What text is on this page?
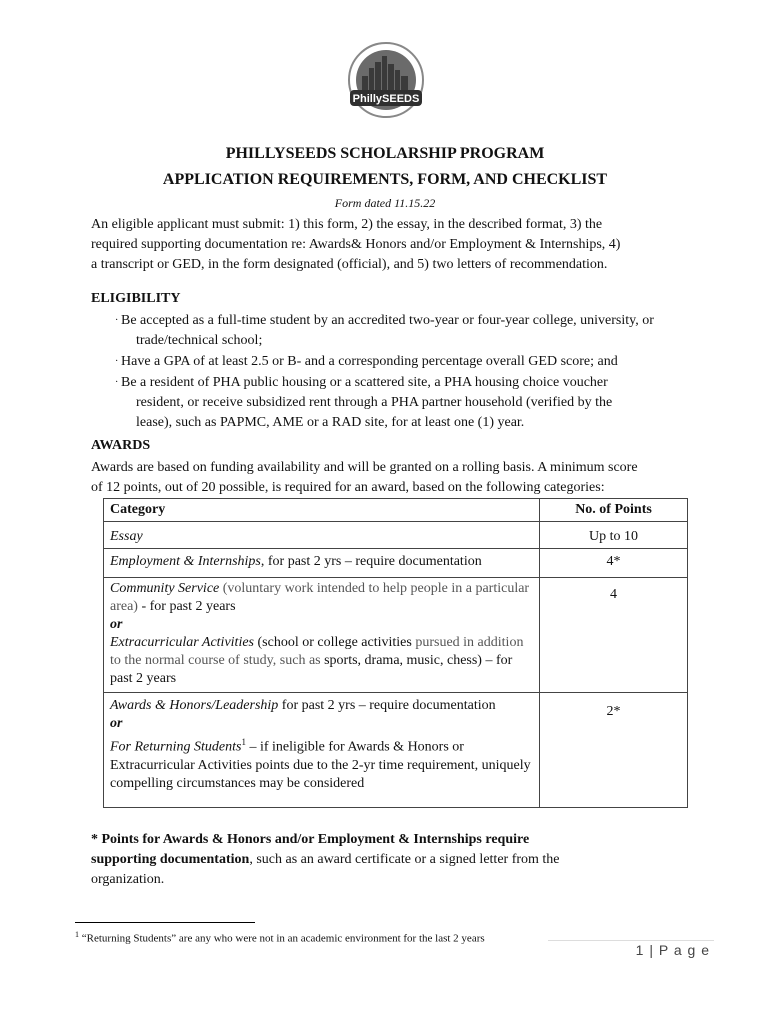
PhillySEEDS
PHILLYSEEDS SCHOLARSHIP PROGRAM
APPLICATION REQUIREMENTS, FORM, AND CHECKLIST
Form dated 11.15.22
An eligible applicant must submit: 1) this form, 2) the essay, in the described format, 3) the
required supporting documentation re: Awards& Honors and/or Employment & Internships, 4)
a transcript or GED, in the form designated (official), and 5) two letters of recommendation.
ELIGIBILITY
· Be accepted as a full-time student by an accredited two-year or four-year college, university, or
trade/technical school;
· Have a GPA of at least 2.5 or B- and a corresponding percentage overall GED score; and
· Be a resident of PHA public housing or a scattered site, a PHA housing choice voucher
resident, or receive subsidized rent through a PHA partner household (verified by the
lease), such as PAPMC, AME or a RAD site, for at least one (1) year.
AWARDS
Awards are based on funding availability and will be granted on a rolling basis. A minimum score
of 12 points, out of 20 possible, is required for an award, based on the following categories:
Category	No. of Points
Essay	Up to 10
Employment & Internships, for past 2 yrs – require documentation	4*
Community Service (voluntary work intended to help people in a particular area) - for past 2 years
or
Extracurricular Activities (school or college activities pursued in addition to the normal course of study, such as sports, drama, music, chess) – for past 2 years	4
Awards & Honors/Leadership for past 2 yrs – require documentation
or
For Returning Students$^1$ – if ineligible for Awards & Honors or Extracurricular Activities points due to the 2-yr time requirement, uniquely compelling circumstances may be considered	2*
* Points for Awards & Honors and/or Employment & Internships require
supporting documentation, such as an award certificate or a signed letter from the
organization.
$^1$ “Returning Students” are any who were not in an academic environment for the last 2 years
1 | P a g e
